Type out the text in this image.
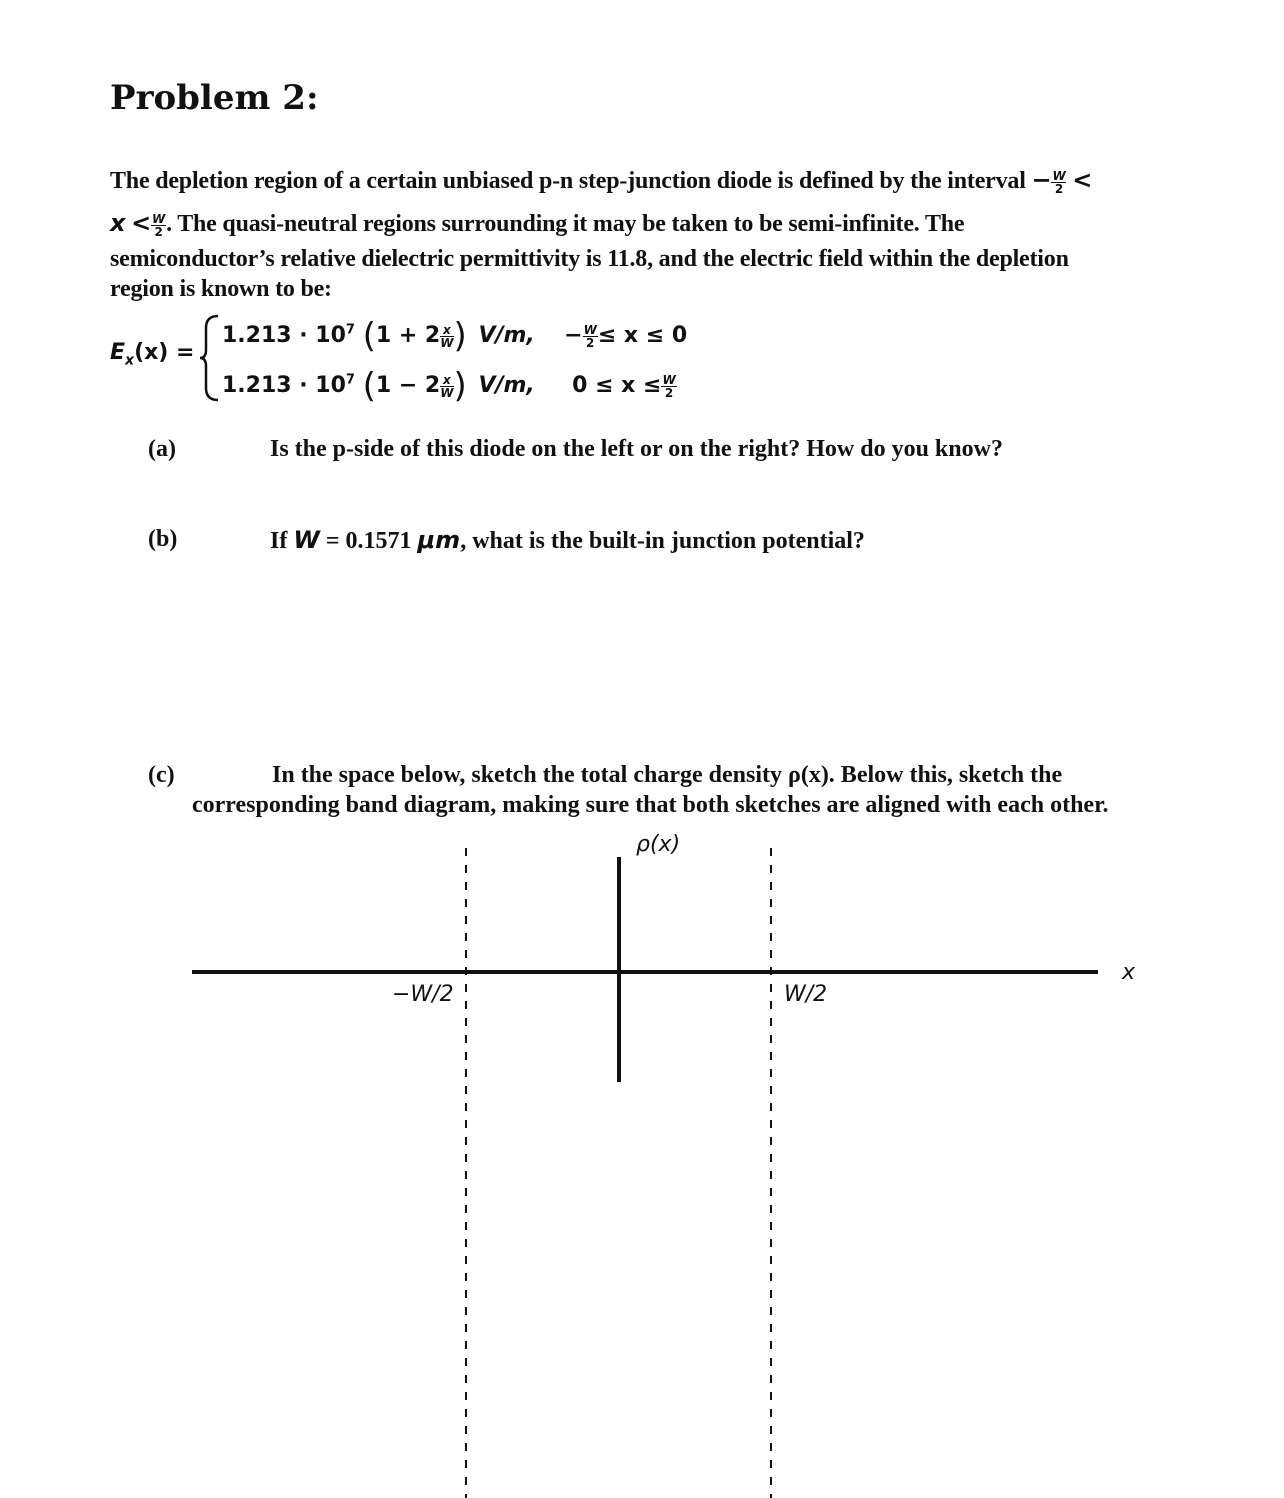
Problem 2:
The depletion region of a certain unbiased p-n step-junction diode is defined by the interval − $\frac{W}{2}$ <
$x < \frac{W}{2}$ . The quasi-neutral regions surrounding it may be taken to be semi-infinite. The
semiconductor’s relative dielectric permittivity is 11.8, and the electric field within the depletion
region is known to be:
$E_x(x)$ =
$1.213 \cdot 10^7$ ($1 + 2 \frac{x}{W}$ ) V/m, − $\frac{W}{2} \le x \le 0$
$1.213 \cdot 10^7$ ($1 - 2 \frac{x}{W}$ ) V/m, $0 \le x \le \frac{W}{2}$
(a)	Is the p-side of this diode on the left or on the right? How do you know?
(b)	If W = 0.1571 μm, what is the built-in junction potential?
(c)	In the space below, sketch the total charge density ρ(x). Below this, sketch the
corresponding band diagram, making sure that both sketches are aligned with each other.
ρ(x)
x
−W/2	W/2
